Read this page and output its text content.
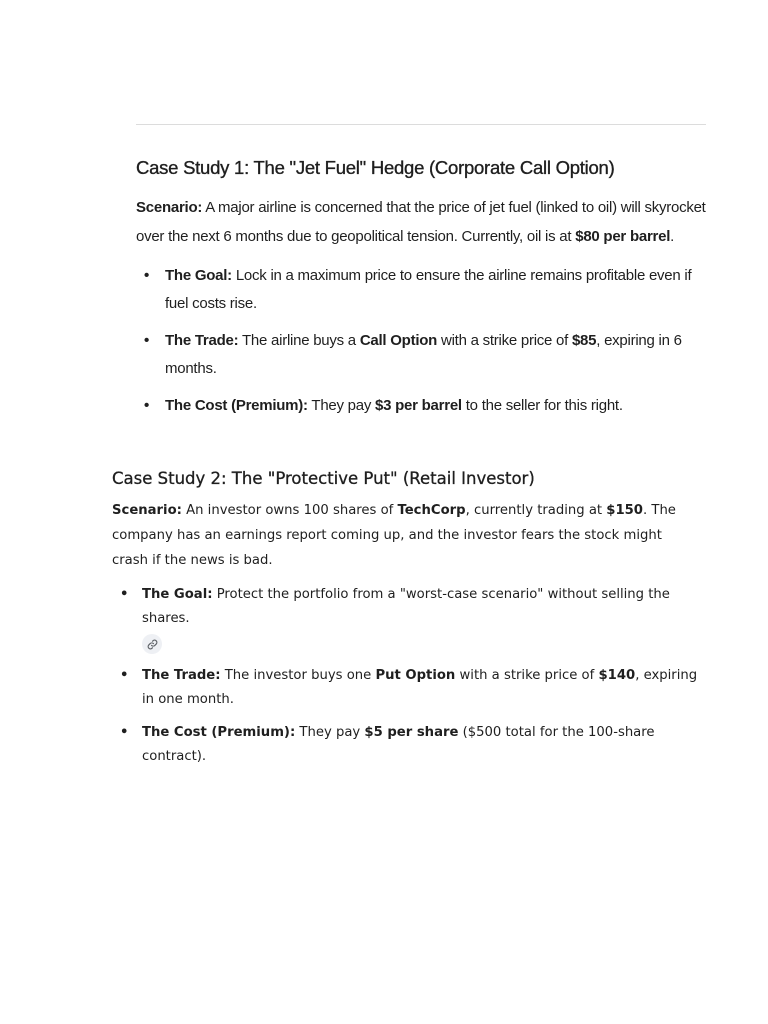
Case Study 1: The "Jet Fuel" Hedge (Corporate Call Option)

Scenario: A major airline is concerned that the price of jet fuel (linked to oil) will skyrocket over the next 6 months due to geopolitical tension. Currently, oil is at $80 per barrel.

• The Goal: Lock in a maximum price to ensure the airline remains profitable even if fuel costs rise.
• The Trade: The airline buys a Call Option with a strike price of $85, expiring in 6 months.
• The Cost (Premium): They pay $3 per barrel to the seller for this right.
Case Study 2: The "Protective Put" (Retail Investor)

Scenario: An investor owns 100 shares of TechCorp, currently trading at $150. The company has an earnings report coming up, and the investor fears the stock might crash if the news is bad.

• The Goal: Protect the portfolio from a "worst-case scenario" without selling the shares.
• The Trade: The investor buys one Put Option with a strike price of $140, expiring in one month.
• The Cost (Premium): They pay $5 per share ($500 total for the 100-share contract).
